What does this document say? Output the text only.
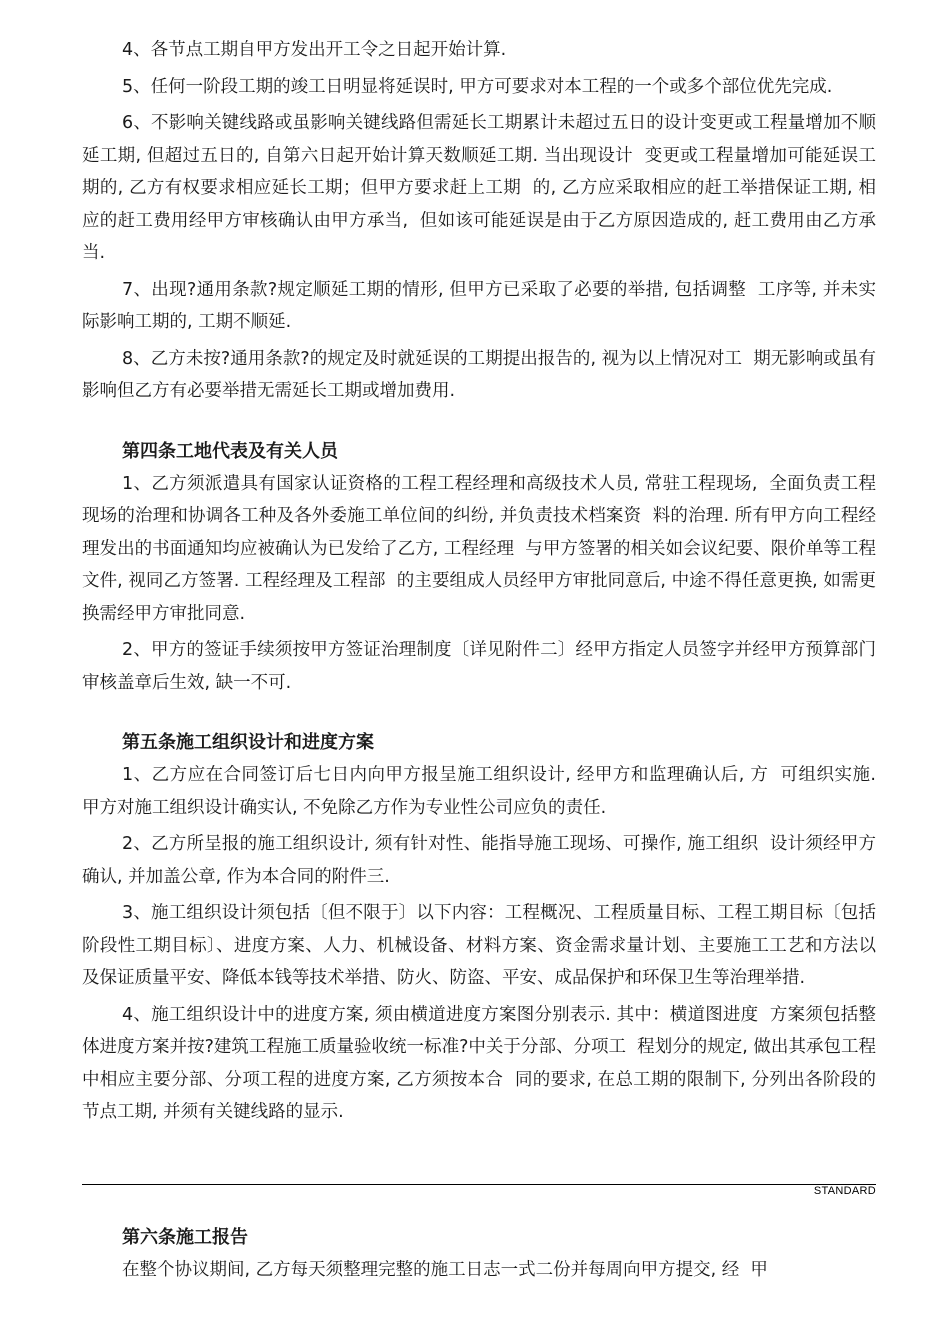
4、各节点工期自甲方发出开工令之日起开始计算.

5、任何一阶段工期的竣工日明显将延误时, 甲方可要求对本工程的一个或多个部位优先完成.

6、不影响关键线路或虽影响关键线路但需延长工期累计未超过五日的设计变更或工程量增加不顺延工期, 但超过五日的, 自第六日起开始计算天数顺延工期. 当出现设计  变更或工程量增加可能延误工期的, 乙方有权要求相应延长工期；但甲方要求赶上工期  的, 乙方应采取相应的赶工举措保证工期, 相应的赶工费用经甲方审核确认由甲方承当,  但如该可能延误是由于乙方原因造成的, 赶工费用由乙方承当.

7、出现?通用条款?规定顺延工期的情形, 但甲方已采取了必要的举措, 包括调整  工序等, 并未实际影响工期的, 工期不顺延.

8、乙方未按?通用条款?的规定及时就延误的工期提出报告的, 视为以上情况对工  期无影响或虽有影响但乙方有必要举措无需延长工期或增加费用.

第四条工地代表及有关人员

1、乙方须派遣具有国家认证资格的工程工程经理和高级技术人员, 常驻工程现场,  全面负责工程现场的治理和协调各工种及各外委施工单位间的纠纷, 并负责技术档案资  料的治理. 所有甲方向工程经理发出的书面通知均应被确认为已发给了乙方, 工程经理  与甲方签署的相关如会议纪要、限价单等工程文件, 视同乙方签署. 工程经理及工程部  的主要组成人员经甲方审批同意后, 中途不得任意更换, 如需更换需经甲方审批同意.

2、甲方的签证手续须按甲方签证治理制度〔详见附件二〕经甲方指定人员签字并经甲方预算部门审核盖章后生效, 缺一不可.

第五条施工组织设计和进度方案

1、乙方应在合同签订后七日内向甲方报呈施工组织设计, 经甲方和监理确认后, 方  可组织实施. 甲方对施工组织设计确实认, 不免除乙方作为专业性公司应负的责任.

2、乙方所呈报的施工组织设计, 须有针对性、能指导施工现场、可操作, 施工组织  设计须经甲方确认, 并加盖公章, 作为本合同的附件三.

3、施工组织设计须包括〔但不限于〕以下内容：工程概况、工程质量目标、工程工期目标〔包括阶段性工期目标〕、进度方案、人力、机械设备、材料方案、资金需求量计划、主要施工工艺和方法以及保证质量平安、降低本钱等技术举措、防火、防盗、平安、成品保护和环保卫生等治理举措.

4、施工组织设计中的进度方案, 须由横道进度方案图分别表示. 其中：横道图进度  方案须包括整体进度方案并按?建筑工程施工质量验收统一标准?中关于分部、分项工  程划分的规定, 做出其承包工程中相应主要分部、分项工程的进度方案, 乙方须按本合  同的要求, 在总工期的限制下, 分列出各阶段的节点工期, 并须有关键线路的显示.

STANDARD

第六条施工报告

在整个协议期间, 乙方每天须整理完整的施工日志一式二份并每周向甲方提交, 经  甲
